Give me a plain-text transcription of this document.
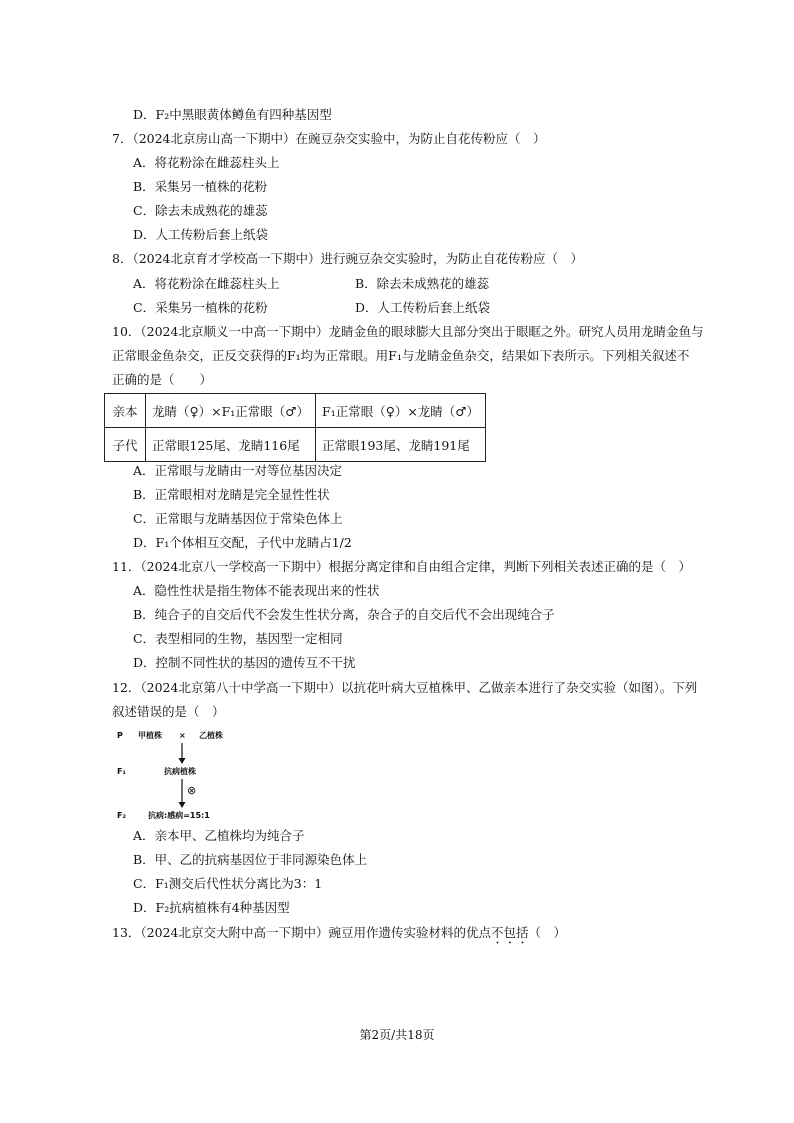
D．F₂中黑眼黄体鳟鱼有四种基因型
7．（2024北京房山高一下期中）在豌豆杂交实验中，为防止自花传粉应（　）
A．将花粉涂在雌蕊柱头上
B．采集另一植株的花粉
C．除去未成熟花的雄蕊
D．人工传粉后套上纸袋
8．（2024北京育才学校高一下期中）进行豌豆杂交实验时，为防止自花传粉应（　）
A．将花粉涂在雌蕊柱头上	B．除去未成熟花的雄蕊
C．采集另一植株的花粉	D．人工传粉后套上纸袋
10．（2024北京顺义一中高一下期中）龙睛金鱼的眼球膨大且部分突出于眼眶之外。研究人员用龙睛金鱼与
正常眼金鱼杂交，正反交获得的F₁均为正常眼。用F₁与龙睛金鱼杂交，结果如下表所示。下列相关叙述不
正确的是（　　）
亲本	龙睛（♀）×F₁正常眼（♂）	F₁正常眼（♀）×龙睛（♂）
子代	正常眼125尾、龙睛116尾	正常眼193尾、龙睛191尾
A．正常眼与龙睛由一对等位基因决定
B．正常眼相对龙睛是完全显性性状
C．正常眼与龙睛基因位于常染色体上
D．F₁个体相互交配，子代中龙睛占1/2
11．（2024北京八一学校高一下期中）根据分离定律和自由组合定律，判断下列相关表述正确的是（　）
A．隐性性状是指生物体不能表现出来的性状
B．纯合子的自交后代不会发生性状分离，杂合子的自交后代不会出现纯合子
C．表型相同的生物，基因型一定相同
D．控制不同性状的基因的遗传互不干扰
12．（2024北京第八十中学高一下期中）以抗花叶病大豆植株甲、乙做亲本进行了杂交实验（如图）。下列
叙述错误的是（　）
P 甲植株 × 乙植株
F₁	抗病植株
⊗
F₂	抗病:感病=15:1
A．亲本甲、乙植株均为纯合子
B．甲、乙的抗病基因位于非同源染色体上
C．F₁测交后代性状分离比为3：1
D．F₂抗病植株有4种基因型
13．（2024北京交大附中高一下期中）豌豆用作遗传实验材料的优点不包括（　）
第2页/共18页
